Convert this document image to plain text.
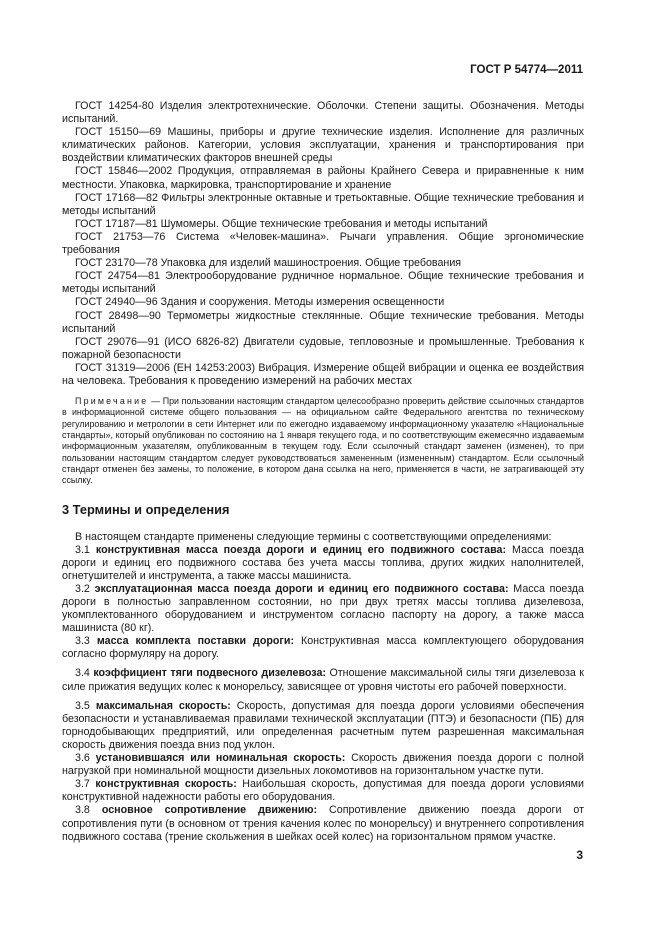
ГОСТ Р 54774—2011

ГОСТ 14254-80 Изделия электротехнические. Оболочки. Степени защиты. Обозначения. Методы испытаний.

ГОСТ 15150—69 Машины, приборы и другие технические изделия. Исполнение для различных климатических районов. Категории, условия эксплуатации, хранения и транспортирования при воздействии климатических факторов внешней среды

ГОСТ 15846—2002 Продукция, отправляемая в районы Крайнего Севера и приравненные к ним местности. Упаковка, маркировка, транспортирование и хранение

ГОСТ 17168—82 Фильтры электронные октавные и третьоктавные. Общие технические требования и методы испытаний

ГОСТ 17187—81 Шумомеры. Общие технические требования и методы испытаний

ГОСТ 21753—76 Система «Человек-машина». Рычаги управления. Общие эргономические требования

ГОСТ 23170—78 Упаковка для изделий машиностроения. Общие требования

ГОСТ 24754—81 Электрооборудование рудничное нормальное. Общие технические требования и методы испытаний

ГОСТ 24940—96 Здания и сооружения. Методы измерения освещенности

ГОСТ 28498—90 Термометры жидкостные стеклянные. Общие технические требования. Методы испытаний

ГОСТ 29076—91 (ИСО 6826-82) Двигатели судовые, тепловозные и промышленные. Требования к пожарной безопасности

ГОСТ 31319—2006 (ЕН 14253:2003) Вибрация. Измерение общей вибрации и оценка ее воздействия на человека. Требования к проведению измерений на рабочих местах

Примечание — При пользовании настоящим стандартом целесообразно проверить действие ссылочных стандартов в информационной системе общего пользования — на официальном сайте Федерального агентства по техническому регулированию и метрологии в сети Интернет или по ежегодно издаваемому информационному указателю «Национальные стандарты», который опубликован по состоянию на 1 января текущего года, и по соответствующим ежемесячно издаваемым информационным указателям, опубликованным в текущем году. Если ссылочный стандарт заменен (изменен), то при пользовании настоящим стандартом следует руководствоваться замененным (измененным) стандартом. Если ссылочный стандарт отменен без замены, то положение, в котором дана ссылка на него, применяется в части, не затрагивающей эту ссылку.

3 Термины и определения

В настоящем стандарте применены следующие термины с соответствующими определениями:

3.1 конструктивная масса поезда дороги и единиц его подвижного состава: Масса поезда дороги и единиц его подвижного состава без учета массы топлива, других жидких наполнителей, огнетушителей и инструмента, а также массы машиниста.

3.2 эксплуатационная масса поезда дороги и единиц его подвижного состава: Масса поезда дороги в полностью заправленном состоянии, но при двух третях массы топлива дизелевоза, укомплектованного оборудованием и инструментом согласно паспорту на дорогу, а также масса машиниста (80 кг).

3.3 масса комплекта поставки дороги: Конструктивная масса комплектующего оборудования согласно формуляру на дорогу.

3.4 коэффициент тяги подвесного дизелевоза: Отношение максимальной силы тяги дизелевоза к силе прижатия ведущих колес к монорельсу, зависящее от уровня чистоты его рабочей поверхности.

3.5 максимальная скорость: Скорость, допустимая для поезда дороги условиями обеспечения безопасности и устанавливаемая правилами технической эксплуатации (ПТЭ) и безопасности (ПБ) для горнодобывающих предприятий, или определенная расчетным путем разрешенная максимальная скорость движения поезда вниз под уклон.

3.6 установившаяся или номинальная скорость: Скорость движения поезда дороги с полной нагрузкой при номинальной мощности дизельных локомотивов на горизонтальном участке пути.

3.7 конструктивная скорость: Наибольшая скорость, допустимая для поезда дороги условиями конструктивной надежности работы его оборудования.

3.8 основное сопротивление движению: Сопротивление движению поезда дороги от сопротивления пути (в основном от трения качения колес по монорельсу) и внутреннего сопротивления подвижного состава (трение скольжения в шейках осей колес) на горизонтальном прямом участке.

3
